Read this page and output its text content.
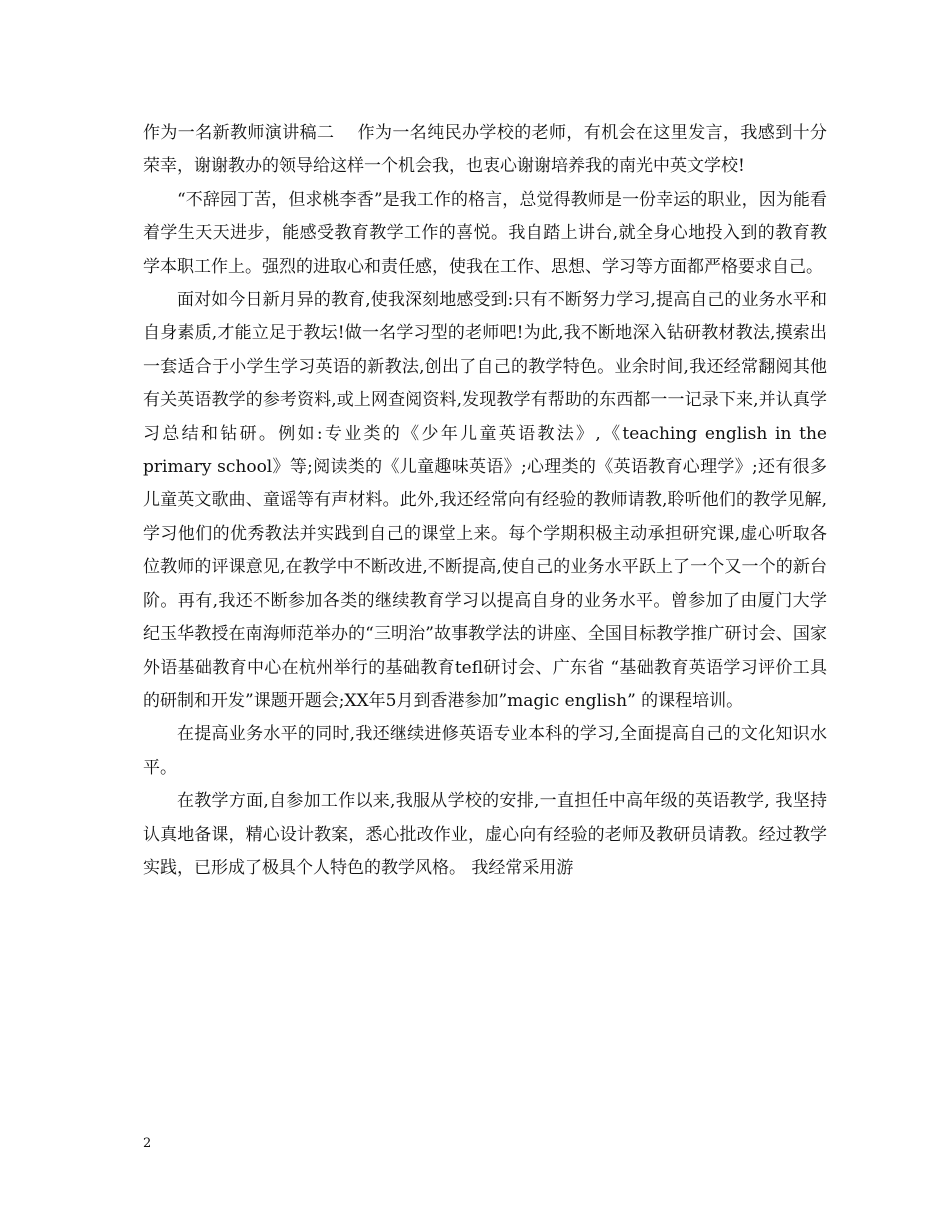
作为一名新教师演讲稿二    作为一名纯民办学校的老师，有机会在这里发言，我感到十分荣幸，谢谢教办的领导给这样一个机会我，也衷心谢谢培养我的南光中英文学校!

“不辞园丁苦，但求桃李香”是我工作的格言，总觉得教师是一份幸运的职业，因为能看着学生天天进步，能感受教育教学工作的喜悦。我自踏上讲台,就全身心地投入到的教育教学本职工作上。强烈的进取心和责任感，使我在工作、思想、学习等方面都严格要求自己。

面对如今日新月异的教育,使我深刻地感受到:只有不断努力学习,提高自己的业务水平和自身素质,才能立足于教坛!做一名学习型的老师吧!为此,我不断地深入钻研教材教法,摸索出一套适合于小学生学习英语的新教法,创出了自己的教学特色。业余时间,我还经常翻阅其他有关英语教学的参考资料,或上网查阅资料,发现教学有帮助的东西都一一记录下来,并认真学习总结和钻研。例如:专业类的《少年儿童英语教法》,《teaching english in the primary school》等;阅读类的《儿童趣味英语》;心理类的《英语教育心理学》;还有很多儿童英文歌曲、童谣等有声材料。此外,我还经常向有经验的教师请教,聆听他们的教学见解,学习他们的优秀教法并实践到自己的课堂上来。每个学期积极主动承担研究课,虚心听取各位教师的评课意见,在教学中不断改进,不断提高,使自己的业务水平跃上了一个又一个的新台阶。再有,我还不断参加各类的继续教育学习以提高自身的业务水平。曾参加了由厦门大学纪玉华教授在南海师范举办的“三明治”故事教学法的讲座、全国目标教学推广研讨会、国家外语基础教育中心在杭州举行的基础教育tefl研讨会、广东省 “基础教育英语学习评价工具的研制和开发”课题开题会;XX年5月到香港参加”magic english” 的课程培训。

在提高业务水平的同时,我还继续进修英语专业本科的学习,全面提高自己的文化知识水平。

在教学方面,自参加工作以来,我服从学校的安排,一直担任中高年级的英语教学, 我坚持认真地备课，精心设计教案，悉心批改作业，虚心向有经验的老师及教研员请教。经过教学实践，已形成了极具个人特色的教学风格。 我经常采用游

2
